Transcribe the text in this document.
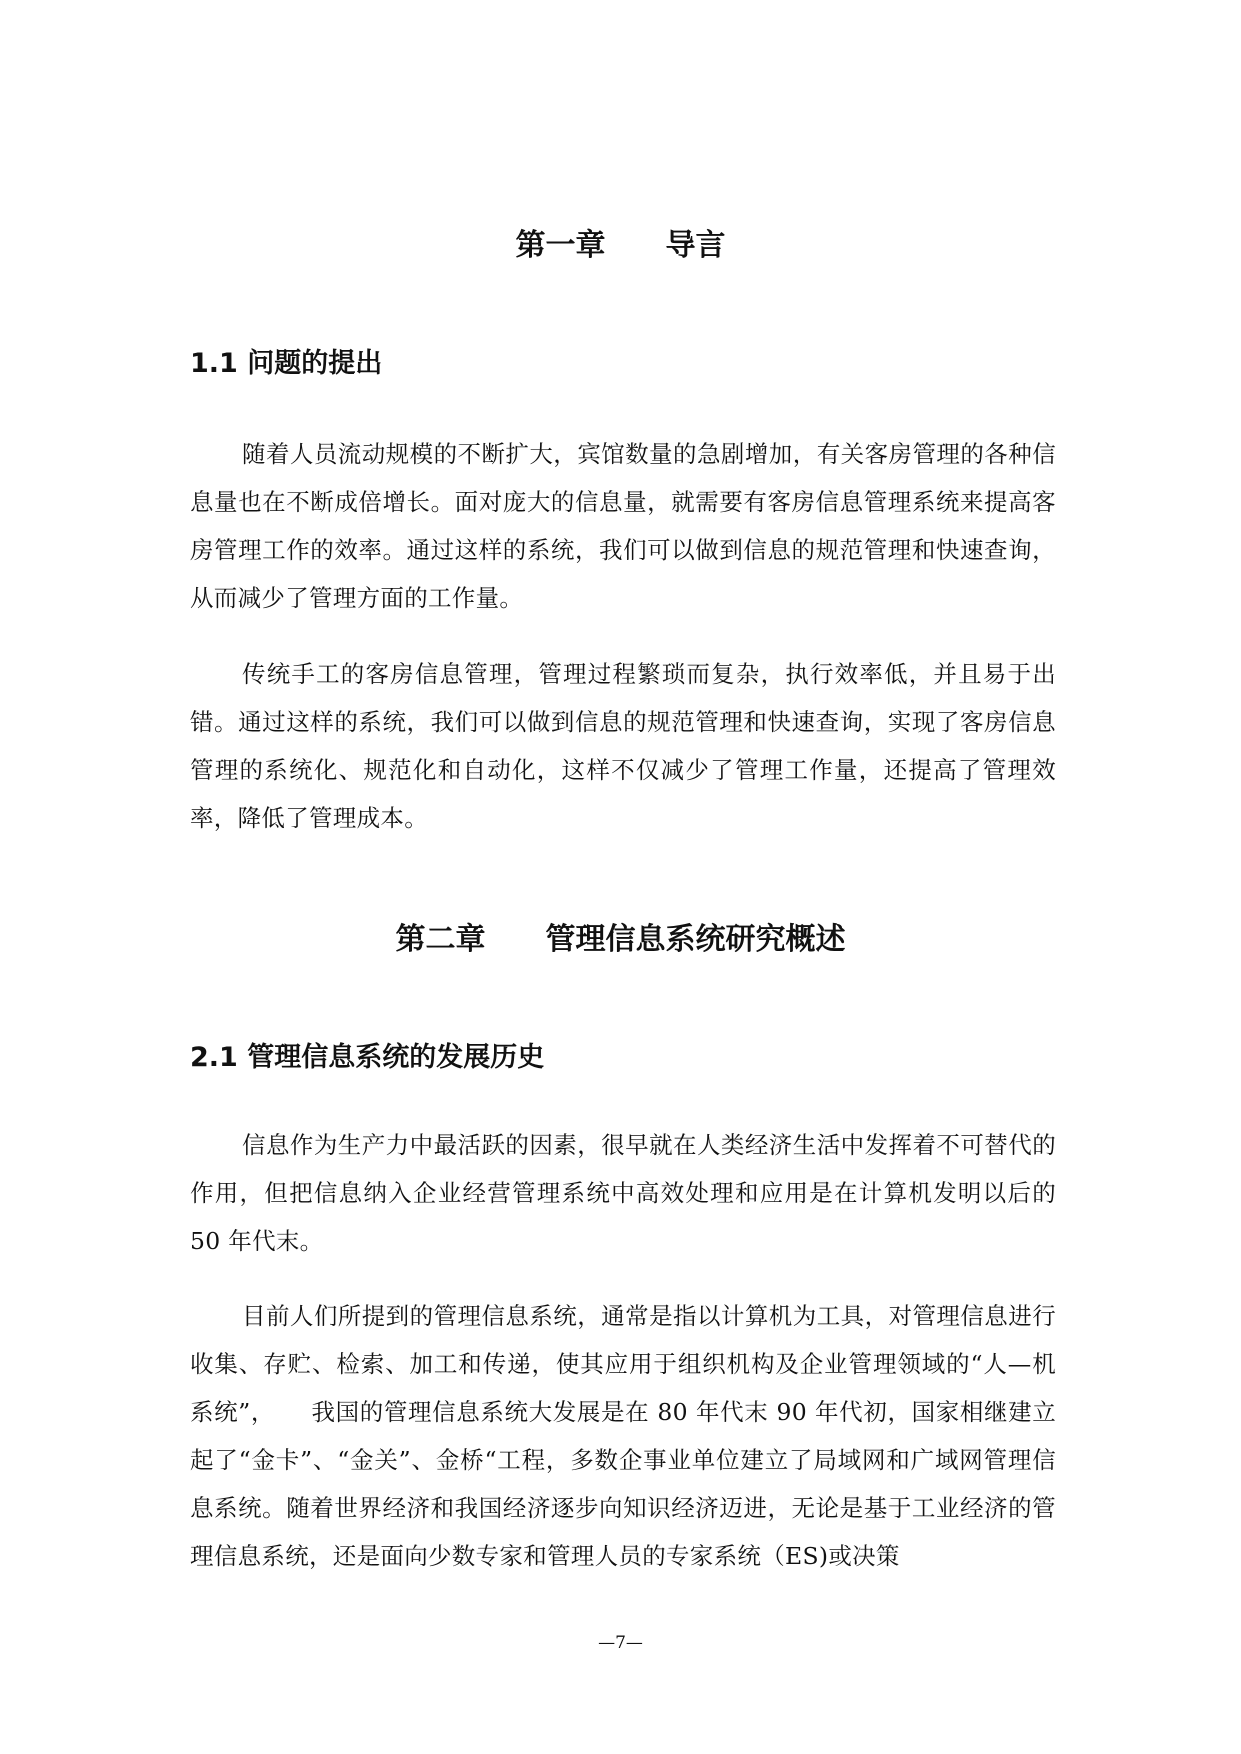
第一章　　导言
1.1 问题的提出

随着人员流动规模的不断扩大，宾馆数量的急剧增加，有关客房管理的各种信息量也在不断成倍增长。面对庞大的信息量，就需要有客房信息管理系统来提高客房管理工作的效率。通过这样的系统，我们可以做到信息的规范管理和快速查询，从而减少了管理方面的工作量。

传统手工的客房信息管理，管理过程繁琐而复杂，执行效率低，并且易于出错。通过这样的系统，我们可以做到信息的规范管理和快速查询，实现了客房信息管理的系统化、规范化和自动化，这样不仅减少了管理工作量，还提高了管理效率，降低了管理成本。

第二章　　管理信息系统研究概述
2.1 管理信息系统的发展历史

信息作为生产力中最活跃的因素，很早就在人类经济生活中发挥着不可替代的作用，但把信息纳入企业经营管理系统中高效处理和应用是在计算机发明以后的 50 年代末。

目前人们所提到的管理信息系统，通常是指以计算机为工具，对管理信息进行收集、存贮、检索、加工和传递，使其应用于组织机构及企业管理领域的“人—机系统”，　　我国的管理信息系统大发展是在 80 年代末 90 年代初，国家相继建立起了“金卡”、“金关”、金桥“工程，多数企事业单位建立了局域网和广域网管理信息系统。随着世界经济和我国经济逐步向知识经济迈进，无论是基于工业经济的管理信息系统，还是面向少数专家和管理人员的专家系统（ES)或决策

—7—
